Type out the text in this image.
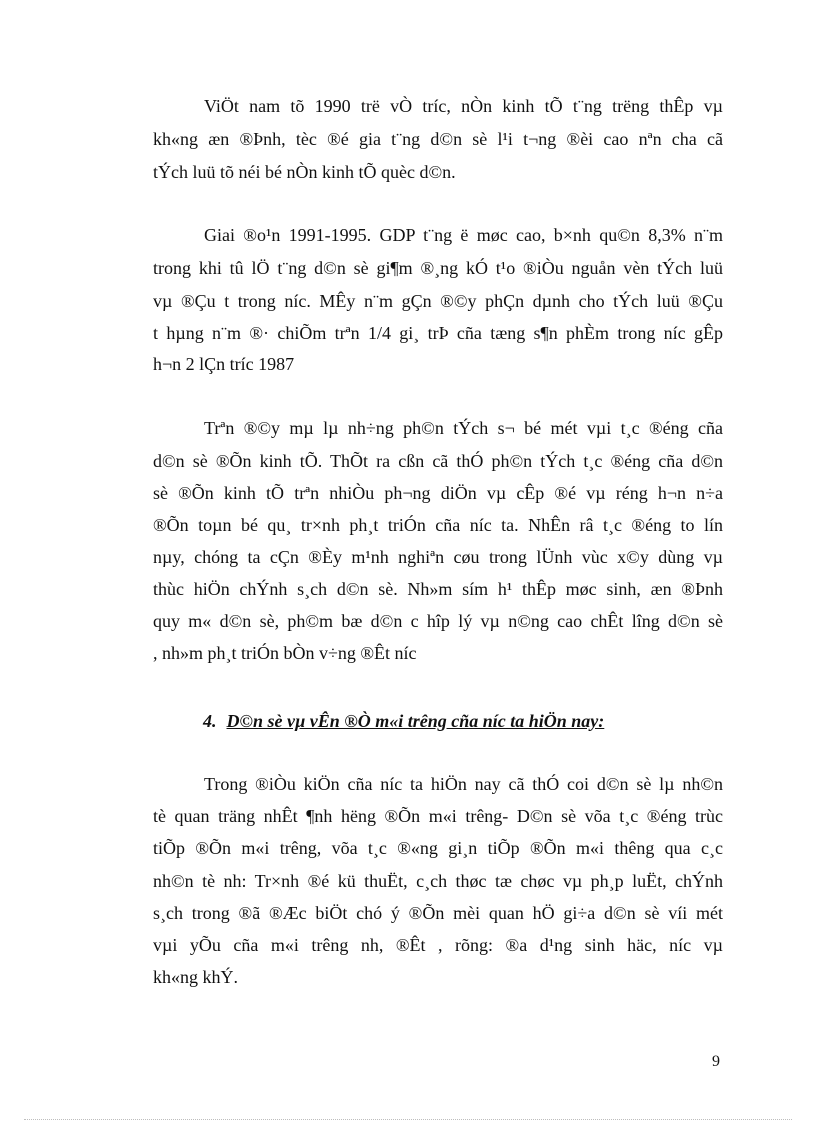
ViÖt nam tõ 1990 trë vÒ tríc, nÒn kinh tÕ t¨ng trëng thÊp vµ
kh«ng æn ®Þnh, tèc ®é gia t¨ng d©n sè l¹i t¬ng ®èi cao nªn cha cã
tÝch luü tõ néi bé nÒn kinh tÕ quèc d©n.
Giai ®o¹n 1991-1995. GDP t¨ng ë møc cao, b×nh qu©n 8,3% n¨m
trong khi tû lÖ t¨ng d©n sè gi¶m ®¸ng kÓ t¹o ®iÒu nguån vèn tÝch luü
vµ ®Çu t trong níc. MÊy n¨m gÇn ®©y phÇn dµnh cho tÝch luü ®Çu
t hµng n¨m ®· chiÕm trªn 1/4 gi¸ trÞ cña tæng s¶n phÈm trong níc gÊp
h¬n 2 lÇn tríc 1987
Trªn ®©y mµ lµ nh÷ng ph©n tÝch s¬ bé mét vµi t¸c ®éng cña
d©n sè ®Õn kinh tÕ. ThÕt ra cßn cã thÓ ph©n tÝch t¸c ®éng cña d©n
sè ®Õn kinh tÕ trªn nhiÒu ph¬ng diÖn vµ cÊp ®é vµ réng h¬n n÷a
®Õn toµn bé qu¸ tr×nh ph¸t triÓn cña níc ta. NhÊn râ t¸c ®éng to lín
nµy, chóng ta cÇn ®Èy m¹nh nghiªn cøu trong lÜnh vùc x©y dùng vµ
thùc hiÖn chÝnh s¸ch d©n sè. Nh»m sím h¹ thÊp møc sinh, æn ®Þnh
quy m« d©n sè, ph©m bæ d©n c hîp lý vµ n©ng cao chÊt lîng d©n sè
, nh»m ph¸t triÓn bÒn v÷ng ®Êt níc
4. D©n sè vµ vÊn ®Ò m«i trêng cña níc ta hiÖn nay:
Trong ®iÒu kiÖn cña níc ta hiÖn nay cã thÓ coi d©n sè lµ nh©n
tè quan träng nhÊt ¶nh hëng ®Õn m«i trêng- D©n sè võa t¸c ®éng trùc
tiÕp ®Õn m«i trêng, võa t¸c ®«ng gi¸n tiÕp ®Õn m«i thêng qua c¸c
nh©n tè nh: Tr×nh ®é kü thuËt, c¸ch thøc tæ chøc vµ ph¸p luËt, chÝnh
s¸ch trong ®ã ®Æc biÖt chó ý ®Õn mèi quan hÖ gi÷a d©n sè víi mét
vµi yÕu cña m«i trêng nh, ®Êt , rõng: ®a d¹ng sinh häc, níc vµ
kh«ng khÝ.
9
